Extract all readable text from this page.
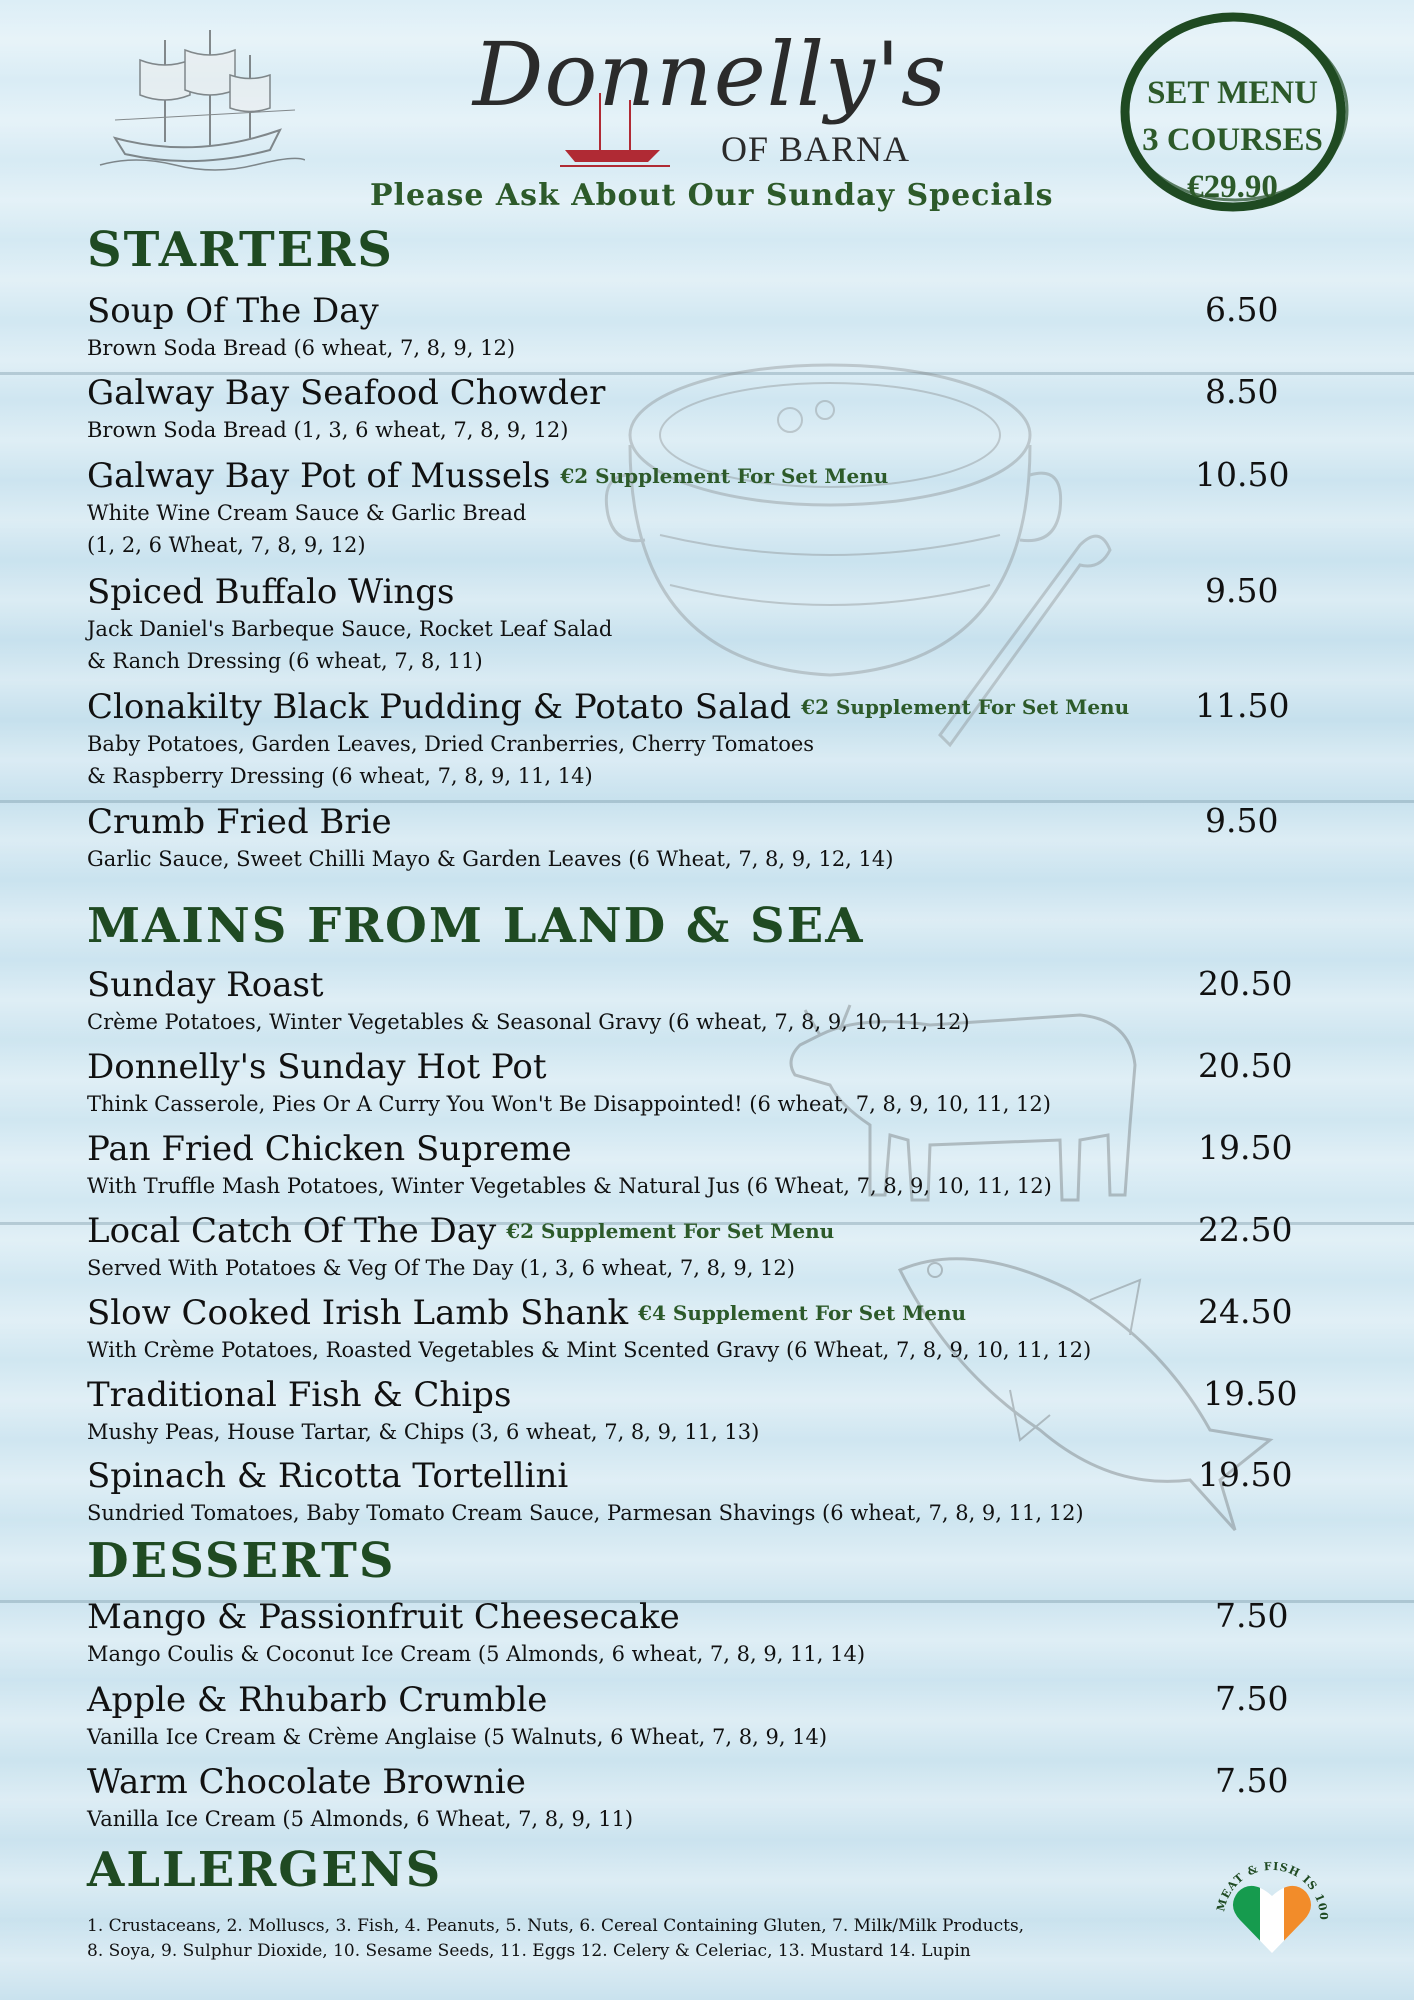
Donnelly's
OF BARNA
Please Ask About Our Sunday Specials
SET MENU
3 COURSES
€29.90
STARTERS
Soup Of The Day
Brown Soda Bread (6 wheat, 7, 8, 9, 12)
6.50
Galway Bay Seafood Chowder
Brown Soda Bread (1, 3, 6 wheat, 7, 8, 9, 12)
8.50
Galway Bay Pot of Mussels €2 Supplement For Set Menu
White Wine Cream Sauce & Garlic Bread
(1, 2, 6 Wheat, 7, 8, 9, 12)
10.50
Spiced Buffalo Wings
Jack Daniel's Barbeque Sauce, Rocket Leaf Salad
& Ranch Dressing (6 wheat, 7, 8, 11)
9.50
Clonakilty Black Pudding & Potato Salad €2 Supplement For Set Menu
Baby Potatoes, Garden Leaves, Dried Cranberries, Cherry Tomatoes
& Raspberry Dressing (6 wheat, 7, 8, 9, 11, 14)
11.50
Crumb Fried Brie
Garlic Sauce, Sweet Chilli Mayo & Garden Leaves (6 Wheat, 7, 8, 9, 12, 14)
9.50
MAINS FROM LAND & SEA
Sunday Roast
Crème Potatoes, Winter Vegetables & Seasonal Gravy (6 wheat, 7, 8, 9, 10, 11, 12)
20.50
Donnelly's Sunday Hot Pot
Think Casserole, Pies Or A Curry You Won't Be Disappointed! (6 wheat, 7, 8, 9, 10, 11, 12)
20.50
Pan Fried Chicken Supreme
With Truffle Mash Potatoes, Winter Vegetables & Natural Jus (6 Wheat, 7, 8, 9, 10, 11, 12)
19.50
Local Catch Of The Day €2 Supplement For Set Menu
Served With Potatoes & Veg Of The Day (1, 3, 6 wheat, 7, 8, 9, 12)
22.50
Slow Cooked Irish Lamb Shank €4 Supplement For Set Menu
With Crème Potatoes, Roasted Vegetables & Mint Scented Gravy (6 Wheat, 7, 8, 9, 10, 11, 12)
24.50
Traditional Fish & Chips
Mushy Peas, House Tartar, & Chips (3, 6 wheat, 7, 8, 9, 11, 13)
19.50
Spinach & Ricotta Tortellini
Sundried Tomatoes, Baby Tomato Cream Sauce, Parmesan Shavings (6 wheat, 7, 8, 9, 11, 12)
19.50
DESSERTS
Mango & Passionfruit Cheesecake
Mango Coulis & Coconut Ice Cream (5 Almonds, 6 wheat, 7, 8, 9, 11, 14)
7.50
Apple & Rhubarb Crumble
Vanilla Ice Cream & Crème Anglaise (5 Walnuts, 6 Wheat, 7, 8, 9, 14)
7.50
Warm Chocolate Brownie
Vanilla Ice Cream (5 Almonds, 6 Wheat, 7, 8, 9, 11)
7.50
ALLERGENS
1. Crustaceans, 2. Molluscs, 3. Fish, 4. Peanuts, 5. Nuts, 6. Cereal Containing Gluten, 7. Milk/Milk Products,
8. Soya, 9. Sulphur Dioxide, 10. Sesame Seeds, 11. Eggs 12. Celery & Celeriac, 13. Mustard 14. Lupin
MEAT & FISH IS 100
